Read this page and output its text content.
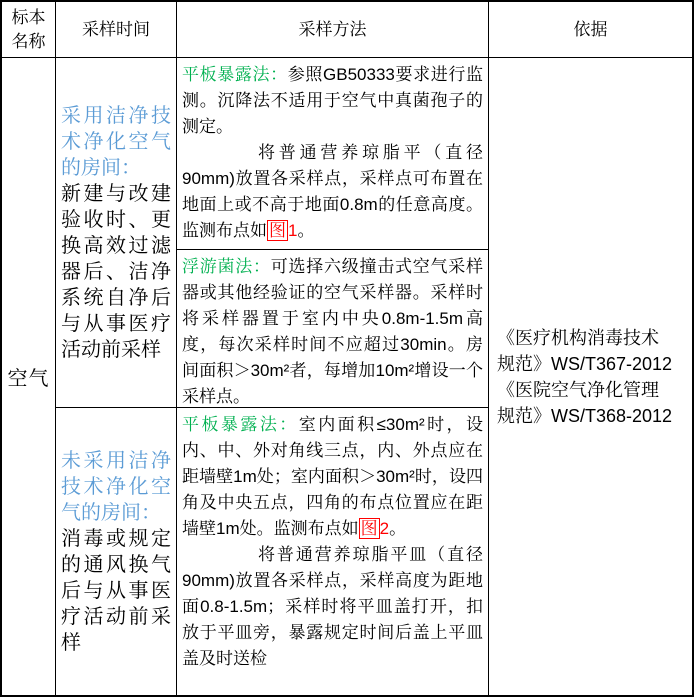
标本名称
采样时间	采样方法	依据
空气
采用洁净技术净化空气的房间：
新建与改建验收时、更换高效过滤器后、洁净系统自净后与从事医疗活动前采样
未采用洁净技术净化空气的房间：
消毒或规定的通风换气后与从事医疗活动前采样
平板暴露法：参照GB50333要求进行监测。沉降法不适用于空气中真菌孢子的测定。
将普通营养琼脂平（直径90mm)放置各采样点，采样点可布置在地面上或不高于地面0.8m的任意高度。监测布点如 图 1。
浮游菌法：可选择六级撞击式空气采样器或其他经验证的空气采样器。采样时将采样器置于室内中央0.8m-1.5m高度，每次采样时间不应超过30min。房间面积＞30m²者，每增加10m²增设一个采样点。
平板暴露法：室内面积≤30m²时，设内、中、外对角线三点，内、外点应在距墙壁1m处；室内面积＞30m²时，设四角及中央五点，四角的布点位置应在距墙壁1m处。监测布点如 图 2。
将普通营养琼脂平皿（直径90mm)放置各采样点，采样高度为距地面0.8-1.5m；采样时将平皿盖打开，扣放于平皿旁，暴露规定时间后盖上平皿盖及时送检
《医疗机构消毒技术
规范》WS/T367-2012
《医院空气净化管理
规范》WS/T368-2012
